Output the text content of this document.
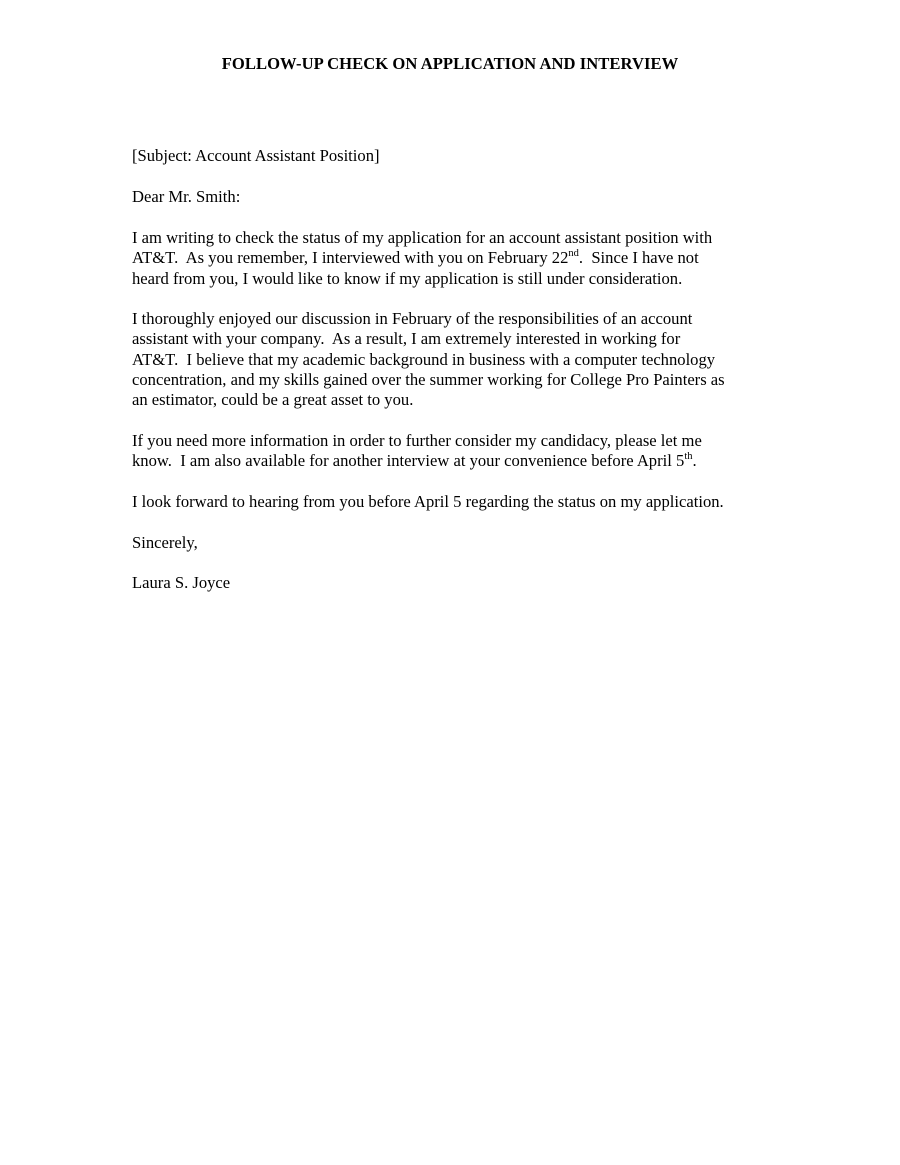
FOLLOW-UP CHECK ON APPLICATION AND INTERVIEW
[Subject: Account Assistant Position]
Dear Mr. Smith:
I am writing to check the status of my application for an account assistant position with
AT&T.  As you remember, I interviewed with you on February 22nd.  Since I have not
heard from you, I would like to know if my application is still under consideration.
I thoroughly enjoyed our discussion in February of the responsibilities of an account
assistant with your company.  As a result, I am extremely interested in working for
AT&T.  I believe that my academic background in business with a computer technology
concentration, and my skills gained over the summer working for College Pro Painters as
an estimator, could be a great asset to you.
If you need more information in order to further consider my candidacy, please let me
know.  I am also available for another interview at your convenience before April 5th.
I look forward to hearing from you before April 5 regarding the status on my application.
Sincerely,
Laura S. Joyce
